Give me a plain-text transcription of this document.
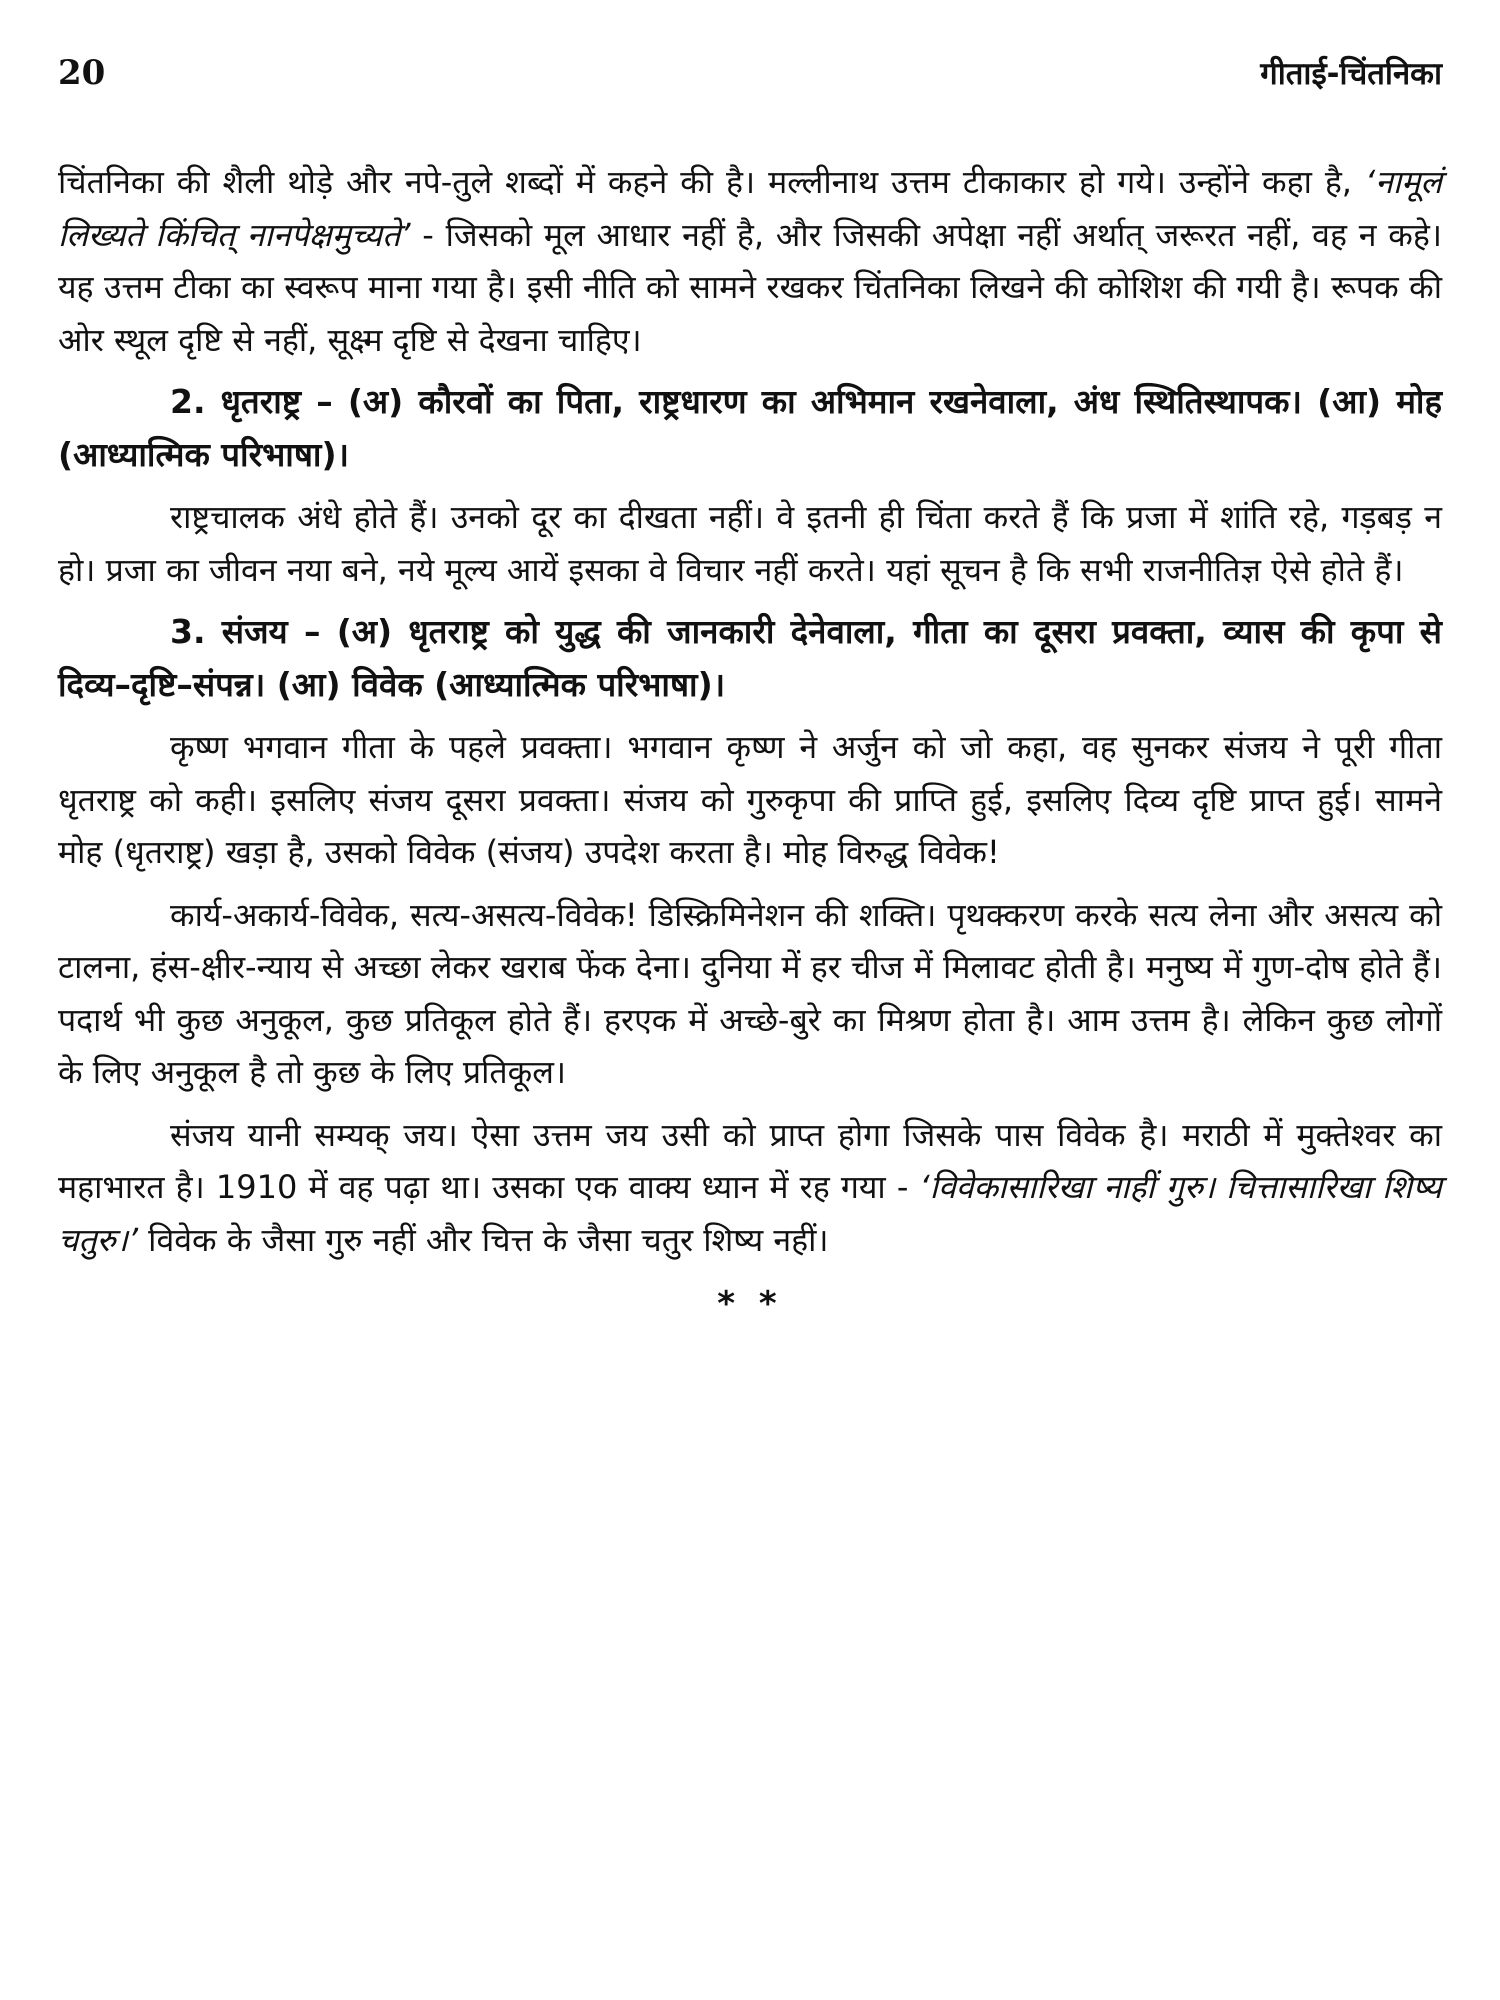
20	गीताई-चिंतनिका

चिंतनिका की शैली थोड़े और नपे-तुले शब्दों में कहने की है। मल्लीनाथ उत्तम टीकाकार हो गये। उन्होंने कहा है, ‘नामूलं लिख्यते किंचित् नानपेक्षमुच्यते’ - जिसको मूल आधार नहीं है, और जिसकी अपेक्षा नहीं अर्थात् जरूरत नहीं, वह न कहे। यह उत्तम टीका का स्वरूप माना गया है। इसी नीति को सामने रखकर चिंतनिका लिखने की कोशिश की गयी है। रूपक की ओर स्थूल दृष्टि से नहीं, सूक्ष्म दृष्टि से देखना चाहिए।

2. धृतराष्ट्र – (अ) कौरवों का पिता, राष्ट्रधारण का अभिमान रखनेवाला, अंध स्थितिस्थापक। (आ) मोह (आध्यात्मिक परिभाषा)।

राष्ट्रचालक अंधे होते हैं। उनको दूर का दीखता नहीं। वे इतनी ही चिंता करते हैं कि प्रजा में शांति रहे, गड़बड़ न हो। प्रजा का जीवन नया बने, नये मूल्य आयें इसका वे विचार नहीं करते। यहां सूचन है कि सभी राजनीतिज्ञ ऐसे होते हैं।

3. संजय – (अ) धृतराष्ट्र को युद्ध की जानकारी देनेवाला, गीता का दूसरा प्रवक्ता, व्यास की कृपा से दिव्य–दृष्टि–संपन्न। (आ) विवेक (आध्यात्मिक परिभाषा)।

कृष्ण भगवान गीता के पहले प्रवक्ता। भगवान कृष्ण ने अर्जुन को जो कहा, वह सुनकर संजय ने पूरी गीता धृतराष्ट्र को कही। इसलिए संजय दूसरा प्रवक्ता। संजय को गुरुकृपा की प्राप्ति हुई, इसलिए दिव्य दृष्टि प्राप्त हुई। सामने मोह (धृतराष्ट्र) खड़ा है, उसको विवेक (संजय) उपदेश करता है। मोह विरुद्ध विवेक!

कार्य-अकार्य-विवेक, सत्य-असत्य-विवेक! डिस्क्रिमिनेशन की शक्ति। पृथक्करण करके सत्य लेना और असत्य को टालना, हंस-क्षीर-न्याय से अच्छा लेकर खराब फेंक देना। दुनिया में हर चीज में मिलावट होती है। मनुष्य में गुण-दोष होते हैं। पदार्थ भी कुछ अनुकूल, कुछ प्रतिकूल होते हैं। हरएक में अच्छे-बुरे का मिश्रण होता है। आम उत्तम है। लेकिन कुछ लोगों के लिए अनुकूल है तो कुछ के लिए प्रतिकूल।

संजय यानी सम्यक् जय। ऐसा उत्तम जय उसी को प्राप्त होगा जिसके पास विवेक है। मराठी में मुक्तेश्वर का महाभारत है। 1910 में वह पढ़ा था। उसका एक वाक्य ध्यान में रह गया - ‘विवेकासारिखा नाहीं गुरु। चित्तासारिखा शिष्य चतुरु।’ विवेक के जैसा गुरु नहीं और चित्त के जैसा चतुर शिष्य नहीं।

* *
